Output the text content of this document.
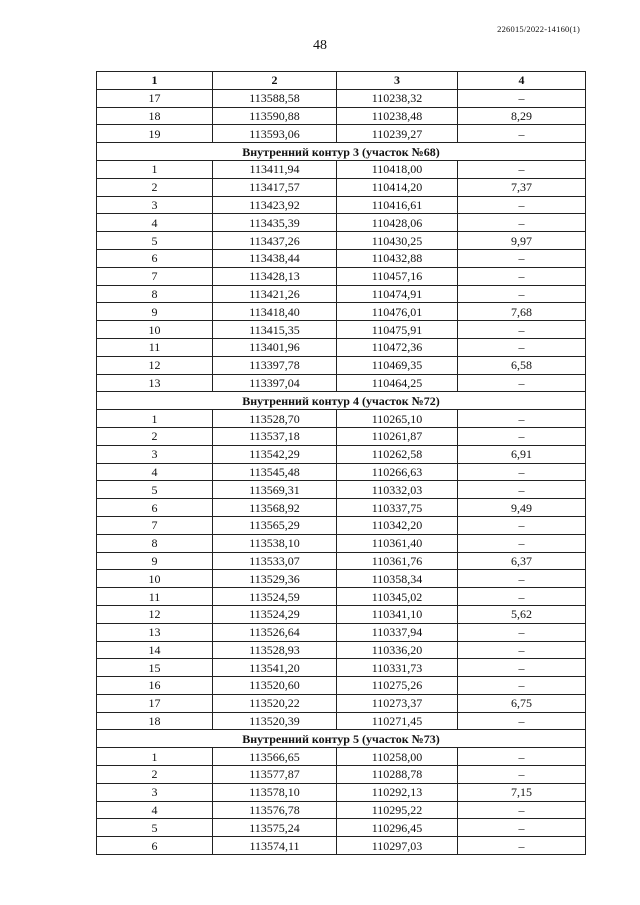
226015/2022-14160(1)
48
1	2	3	4
17	113588,58	110238,32	–
18	113590,88	110238,48	8,29
19	113593,06	110239,27	–
Внутренний контур 3 (участок №68)			
1	113411,94	110418,00	–
2	113417,57	110414,20	7,37
3	113423,92	110416,61	–
4	113435,39	110428,06	–
5	113437,26	110430,25	9,97
6	113438,44	110432,88	–
7	113428,13	110457,16	–
8	113421,26	110474,91	–
9	113418,40	110476,01	7,68
10	113415,35	110475,91	–
11	113401,96	110472,36	–
12	113397,78	110469,35	6,58
13	113397,04	110464,25	–
Внутренний контур 4 (участок №72)			
1	113528,70	110265,10	–
2	113537,18	110261,87	–
3	113542,29	110262,58	6,91
4	113545,48	110266,63	–
5	113569,31	110332,03	–
6	113568,92	110337,75	9,49
7	113565,29	110342,20	–
8	113538,10	110361,40	–
9	113533,07	110361,76	6,37
10	113529,36	110358,34	–
11	113524,59	110345,02	–
12	113524,29	110341,10	5,62
13	113526,64	110337,94	–
14	113528,93	110336,20	–
15	113541,20	110331,73	–
16	113520,60	110275,26	–
17	113520,22	110273,37	6,75
18	113520,39	110271,45	–
Внутренний контур 5 (участок №73)			
1	113566,65	110258,00	–
2	113577,87	110288,78	–
3	113578,10	110292,13	7,15
4	113576,78	110295,22	–
5	113575,24	110296,45	–
6	113574,11	110297,03	–
